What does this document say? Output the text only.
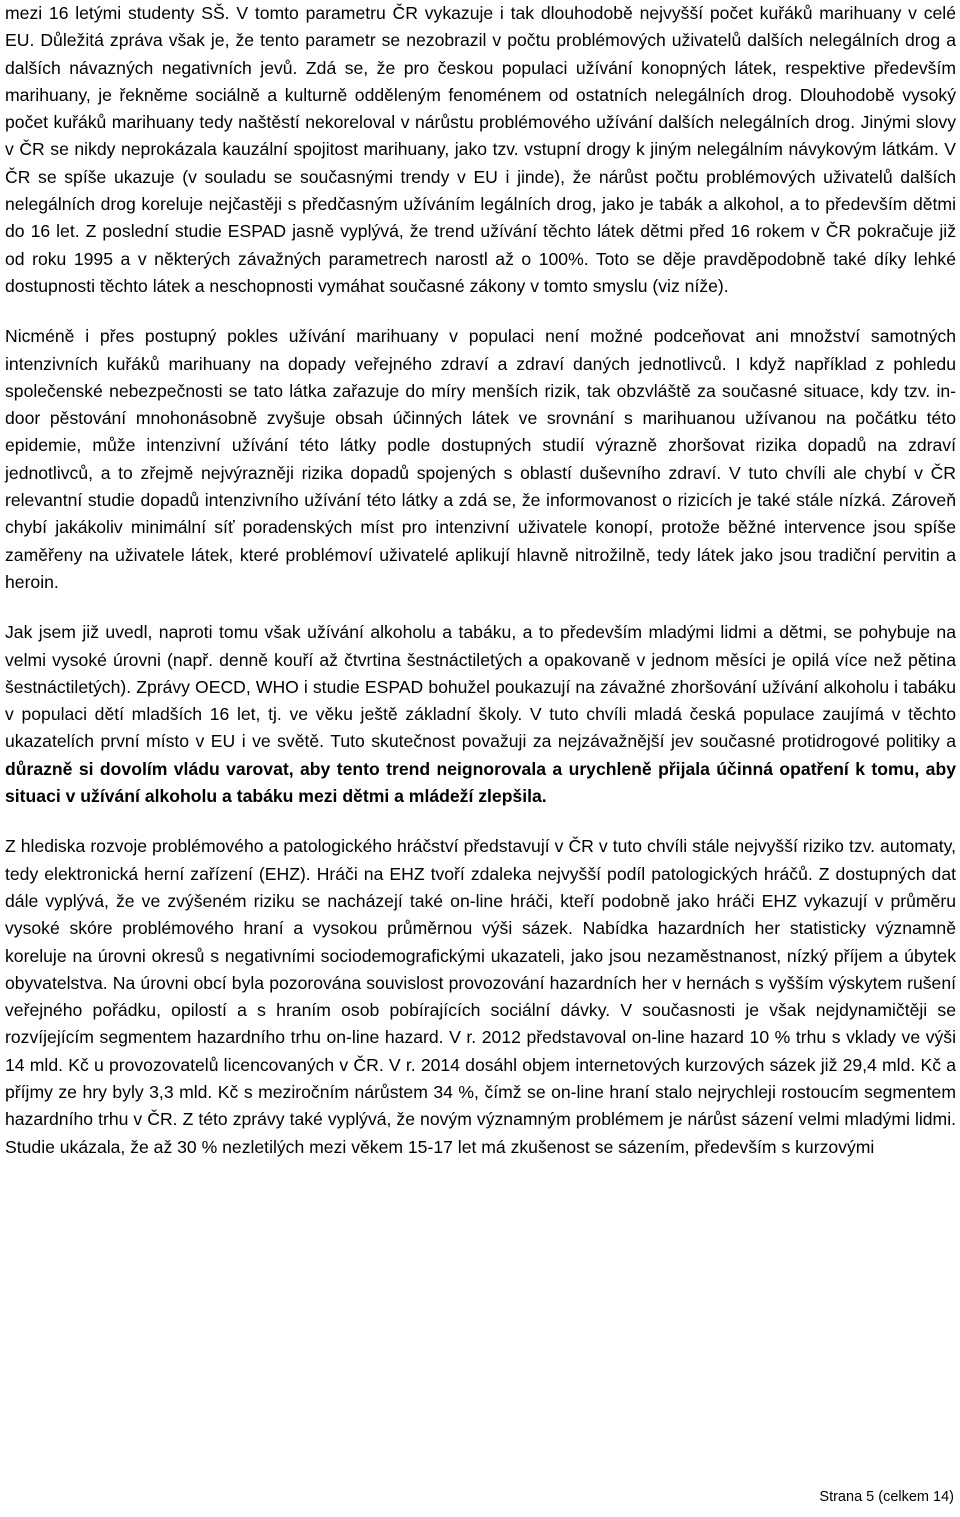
mezi 16 letými studenty SŠ. V tomto parametru ČR vykazuje i tak dlouhodobě nejvyšší počet kuřáků marihuany v celé EU. Důležitá zpráva však je, že tento parametr se nezobrazil v počtu problémových uživatelů dalších nelegálních drog a dalších návazných negativních jevů. Zdá se, že pro českou populaci užívání konopných látek, respektive především marihuany, je řekněme sociálně a kulturně odděleným fenoménem od ostatních nelegálních drog. Dlouhodobě vysoký počet kuřáků marihuany tedy naštěstí nekoreloval v nárůstu problémového užívání dalších nelegálních drog. Jinými slovy v ČR se nikdy neprokázala kauzální spojitost marihuany, jako tzv. vstupní drogy k jiným nelegálním návykovým látkám. V ČR se spíše ukazuje (v souladu se současnými trendy v EU i jinde), že nárůst počtu problémových uživatelů dalších nelegálních drog koreluje nejčastěji s předčasným užíváním legálních drog, jako je tabák a alkohol, a to především dětmi do 16 let. Z poslední studie ESPAD jasně vyplývá, že trend užívání těchto látek dětmi před 16 rokem v ČR pokračuje již od roku 1995 a v některých závažných parametrech narostl až o 100%. Toto se děje pravděpodobně také díky lehké dostupnosti těchto látek a neschopnosti vymáhat současné zákony v tomto smyslu (viz níže).

Nicméně i přes postupný pokles užívání marihuany v populaci není možné podceňovat ani množství samotných intenzivních kuřáků marihuany na dopady veřejného zdraví a zdraví daných jednotlivců. I když například z pohledu společenské nebezpečnosti se tato látka zařazuje do míry menších rizik, tak obzvláště za současné situace, kdy tzv. in-door pěstování mnohonásobně zvyšuje obsah účinných látek ve srovnání s marihuanou užívanou na počátku této epidemie, může intenzivní užívání této látky podle dostupných studií výrazně zhoršovat rizika dopadů na zdraví jednotlivců, a to zřejmě nejvýrazněji rizika dopadů spojených s oblastí duševního zdraví. V tuto chvíli ale chybí v ČR relevantní studie dopadů intenzivního užívání této látky a zdá se, že informovanost o rizicích je také stále nízká. Zároveň chybí jakákoliv minimální síť poradenských míst pro intenzivní uživatele konopí, protože běžné intervence jsou spíše zaměřeny na uživatele látek, které problémoví uživatelé aplikují hlavně nitrožilně, tedy látek jako jsou tradiční pervitin a heroin.

Jak jsem již uvedl, naproti tomu však užívání alkoholu a tabáku, a to především mladými lidmi a dětmi, se pohybuje na velmi vysoké úrovni (např. denně kouří až čtvrtina šestnáctiletých a opakovaně v jednom měsíci je opilá více než pětina šestnáctiletých). Zprávy OECD, WHO i studie ESPAD bohužel poukazují na závažné zhoršování užívání alkoholu i tabáku v populaci dětí mladších 16 let, tj. ve věku ještě základní školy. V tuto chvíli mladá česká populace zaujímá v těchto ukazatelích první místo v EU i ve světě. Tuto skutečnost považuji za nejzávažnější jev současné protidrogové politiky a důrazně si dovolím vládu varovat, aby tento trend neignorovala a urychleně přijala účinná opatření k tomu, aby situaci v užívání alkoholu a tabáku mezi dětmi a mládeží zlepšila.

Z hlediska rozvoje problémového a patologického hráčství představují v ČR v tuto chvíli stále nejvyšší riziko tzv. automaty, tedy elektronická herní zařízení (EHZ). Hráči na EHZ tvoří zdaleka nejvyšší podíl patologických hráčů. Z dostupných dat dále vyplývá, že ve zvýšeném riziku se nacházejí také on-line hráči, kteří podobně jako hráči EHZ vykazují v průměru vysoké skóre problémového hraní a vysokou průměrnou výši sázek. Nabídka hazardních her statisticky významně koreluje na úrovni okresů s negativními sociodemografickými ukazateli, jako jsou nezaměstnanost, nízký příjem a úbytek obyvatelstva. Na úrovni obcí byla pozorována souvislost provozování hazardních her v hernách s vyšším výskytem rušení veřejného pořádku, opilostí a s hraním osob pobírajících sociální dávky. V současnosti je však nejdynamičtěji se rozvíjejícím segmentem hazardního trhu on-line hazard. V r. 2012 představoval on-line hazard 10 % trhu s vklady ve výši 14 mld. Kč u provozovatelů licencovaných v ČR. V r. 2014 dosáhl objem internetových kurzových sázek již 29,4 mld. Kč a příjmy ze hry byly 3,3 mld. Kč s meziročním nárůstem 34 %, čímž se on-line hraní stalo nejrychleji rostoucím segmentem hazardního trhu v ČR. Z této zprávy také vyplývá, že novým významným problémem je nárůst sázení velmi mladými lidmi. Studie ukázala, že až 30 % nezletilých mezi věkem 15-17 let má zkušenost se sázením, především s kurzovými

Strana 5 (celkem 14)
